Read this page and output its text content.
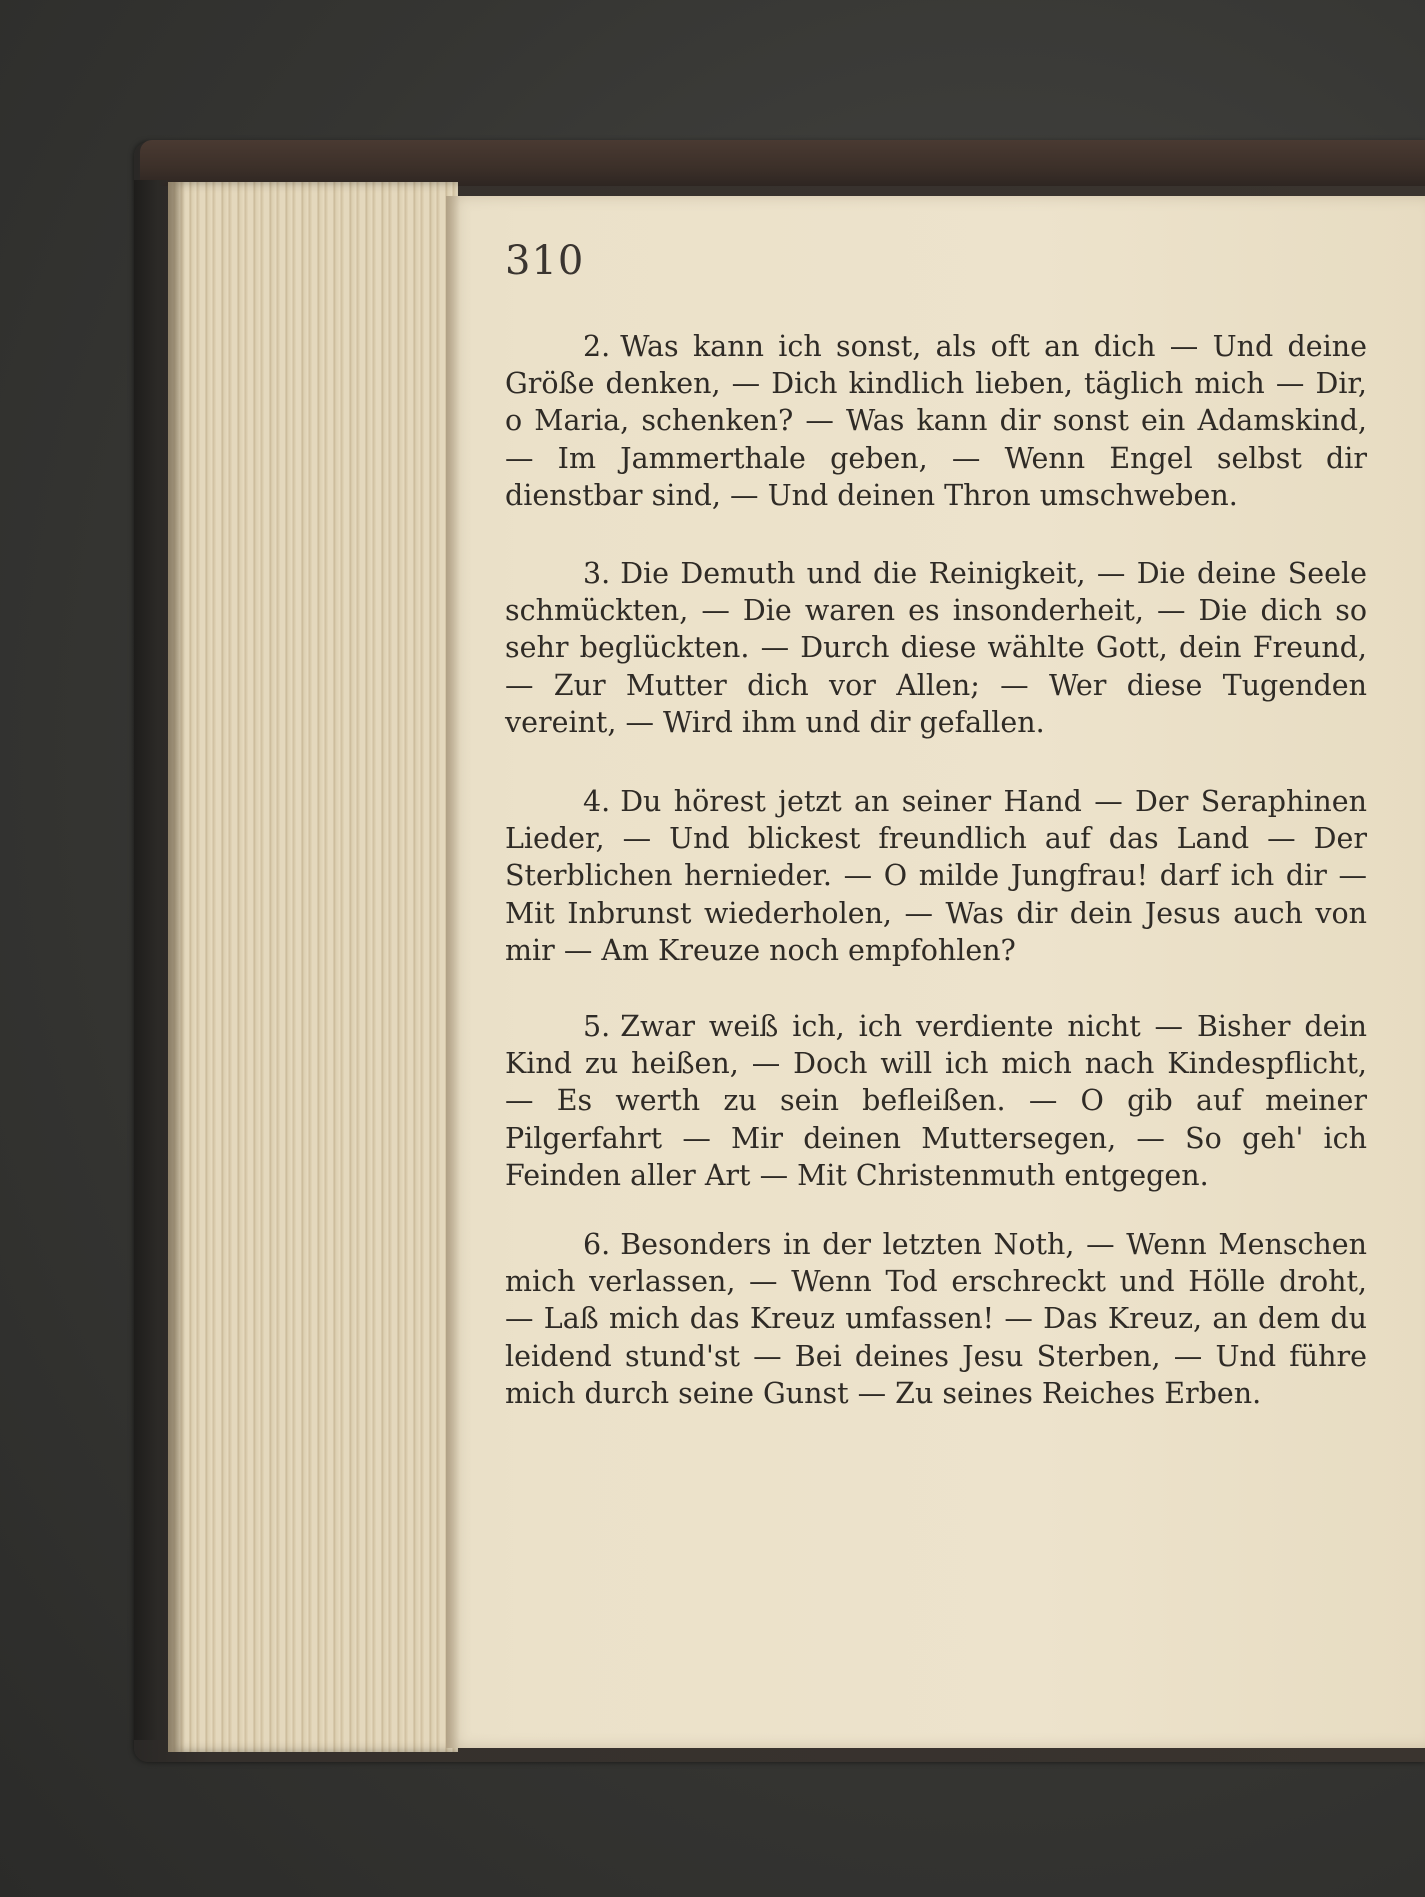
310

2. Was kann ich sonst, als oft an dich — Und deine Größe denken, — Dich kindlich lieben, täglich mich — Dir, o Maria, schenken? — Was kann dir sonst ein Adamskind, — Im Jammerthale geben, — Wenn Engel selbst dir dienstbar sind, — Und deinen Thron umschweben.

3. Die Demuth und die Reinigkeit, — Die deine Seele schmückten, — Die waren es insonderheit, — Die dich so sehr beglückten. — Durch diese wählte Gott, dein Freund, — Zur Mutter dich vor Allen; — Wer diese Tugenden vereint, — Wird ihm und dir gefallen.

4. Du hörest jetzt an seiner Hand — Der Seraphinen Lieder, — Und blickest freundlich auf das Land — Der Sterblichen hernieder. — O milde Jungfrau! darf ich dir — Mit Inbrunst wiederholen, — Was dir dein Jesus auch von mir — Am Kreuze noch empfohlen?

5. Zwar weiß ich, ich verdiente nicht — Bisher dein Kind zu heißen, — Doch will ich mich nach Kindespflicht, — Es werth zu sein befleißen. — O gib auf meiner Pilgerfahrt — Mir deinen Muttersegen, — So geh' ich Feinden aller Art — Mit Christenmuth entgegen.

6. Besonders in der letzten Noth, — Wenn Menschen mich verlassen, — Wenn Tod erschreckt und Hölle droht, — Laß mich das Kreuz umfassen! — Das Kreuz, an dem du leidend stund'st — Bei deines Jesu Sterben, — Und führe mich durch seine Gunst — Zu seines Reiches Erben.
